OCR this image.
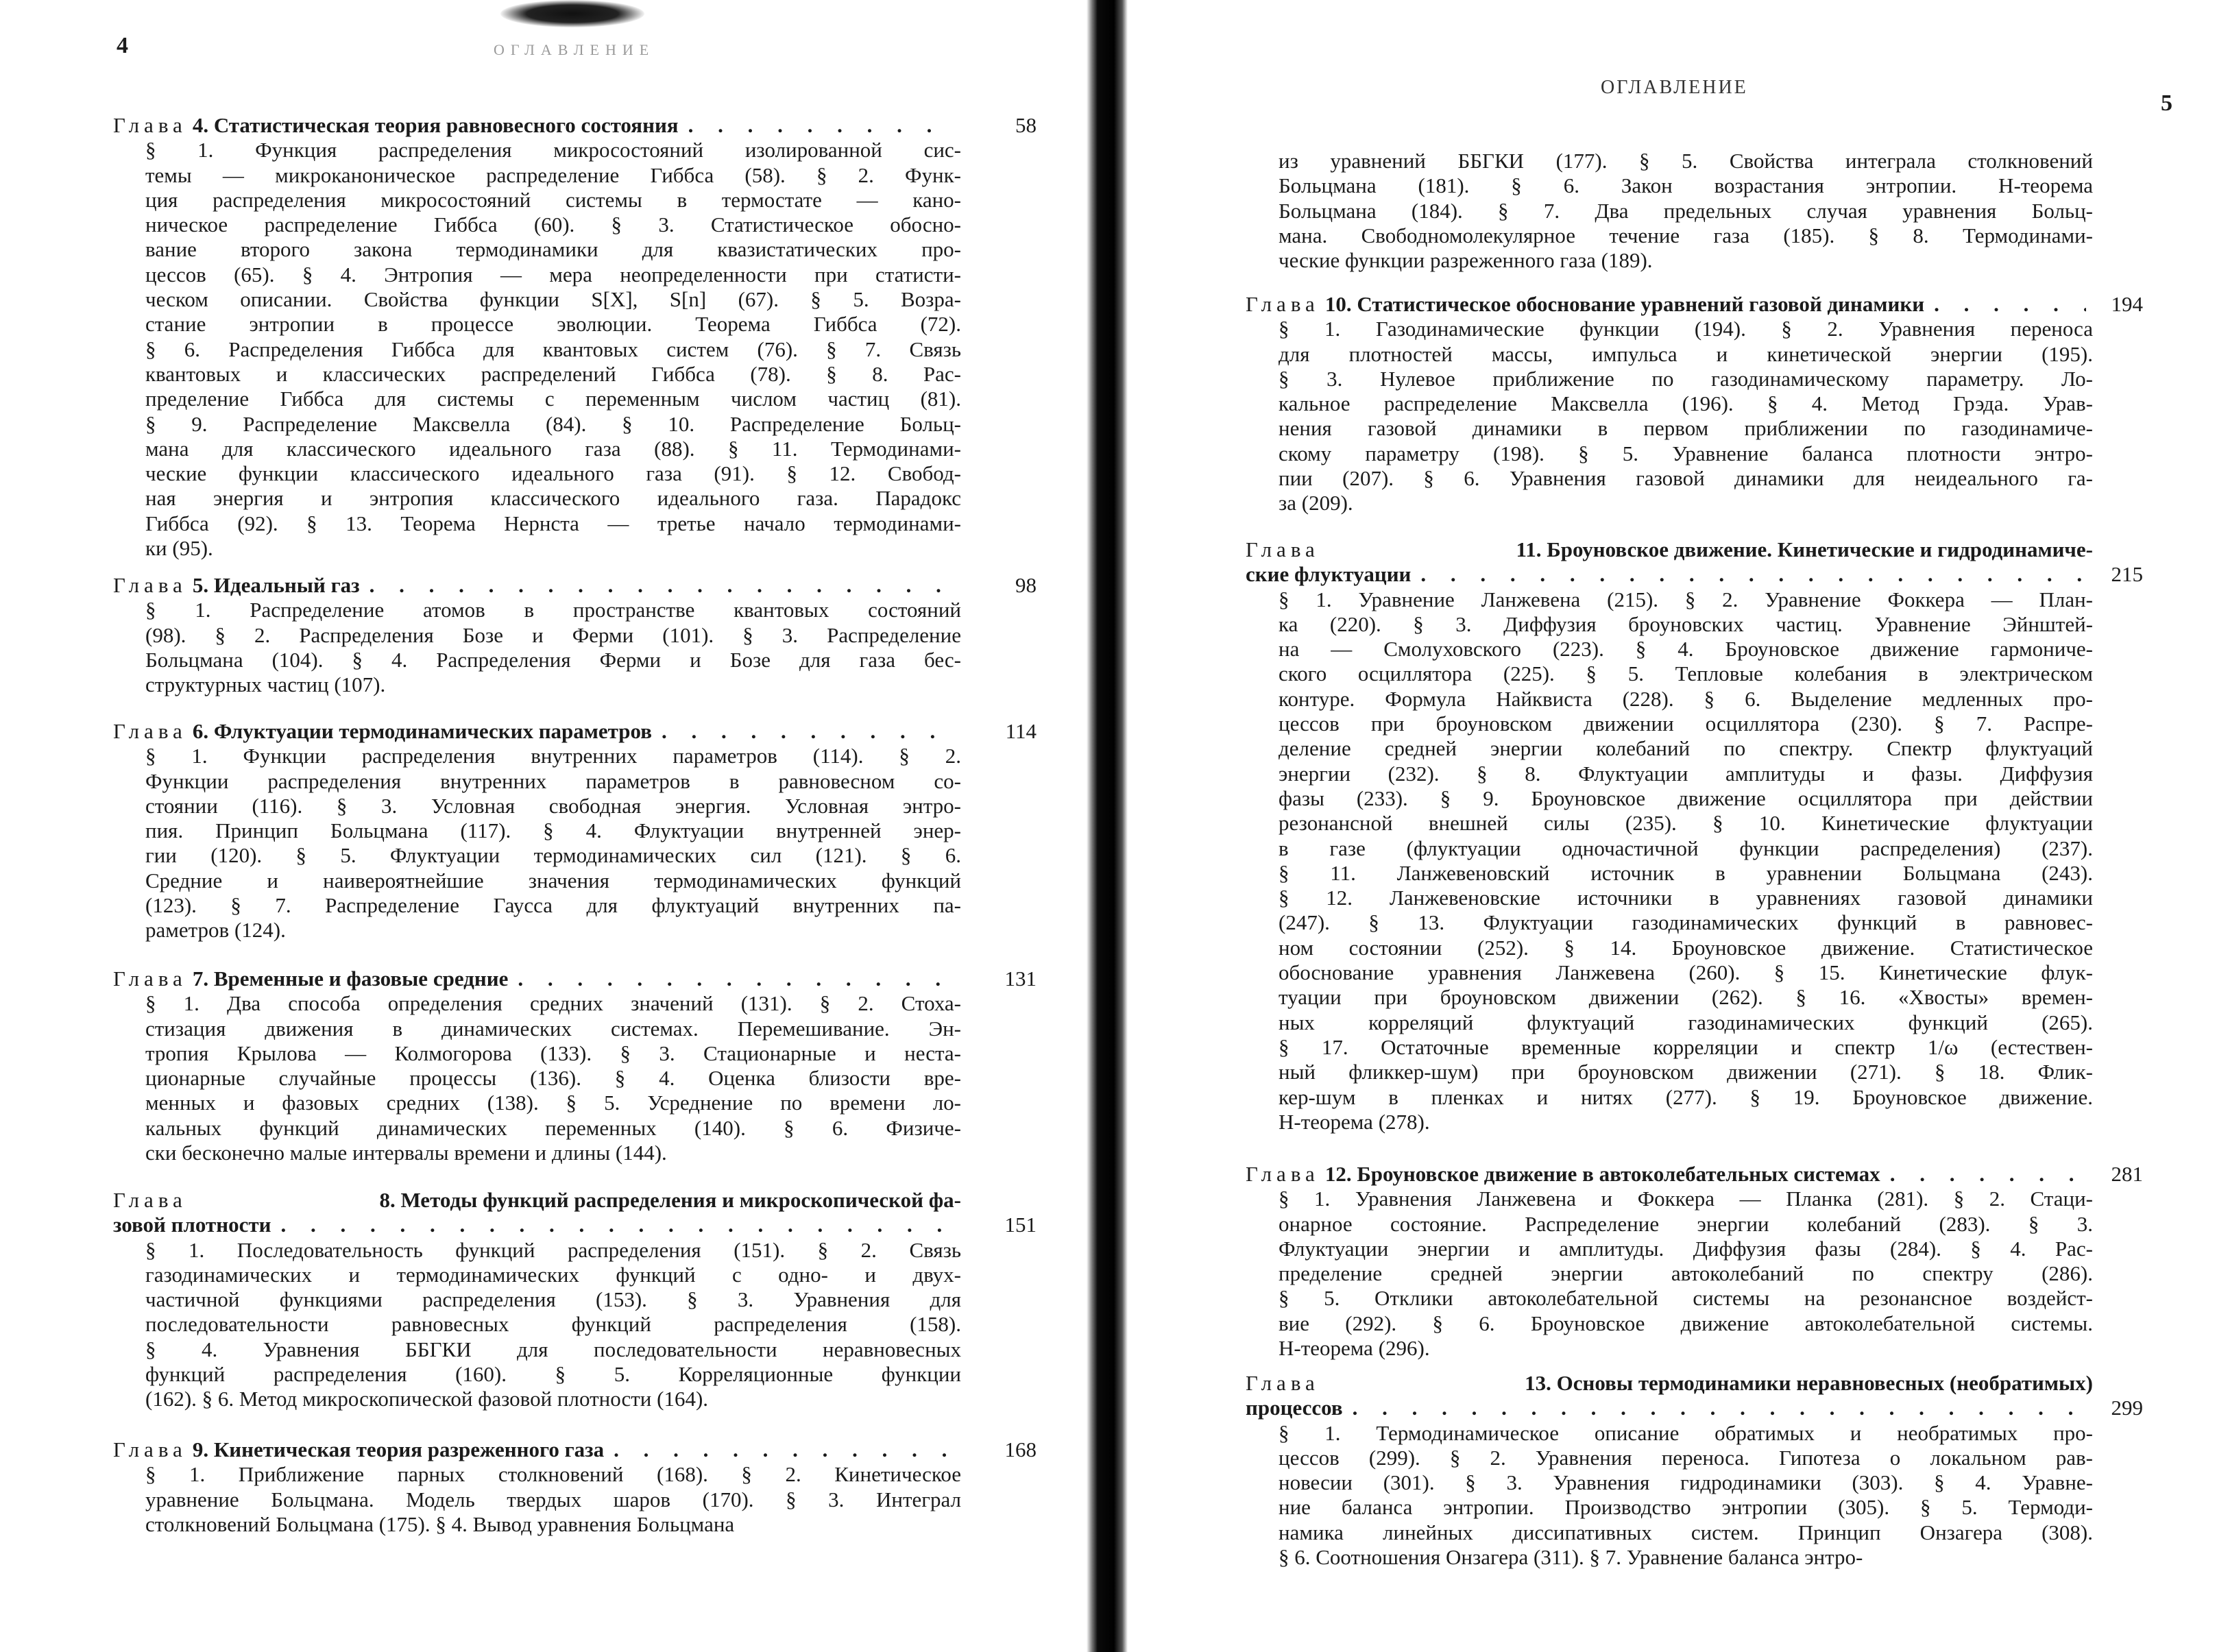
4	ОГЛАВЛЕНИЕ
Глава 4. Статистическая теория равновесного состояния . . .	58
§ 1. Функция распределения микросостояний изолированной сис-
темы — микроканоническое распределение Гиббса (58). § 2. Функ-
ция распределения микросостояний системы в термостате — кано-
ническое распределение Гиббса (60). § 3. Статистическое обосно-
вание второго закона термодинамики для квазистатических про-
цессов (65). § 4. Энтропия — мера неопределенности при статисти-
ческом описании. Свойства функции S[X], S[n] (67). § 5. Возра-
стание энтропии в процессе эволюции. Теорема Гиббса (72).
§ 6. Распределения Гиббса для квантовых систем (76). § 7. Связь
квантовых и классических распределений Гиббса (78). § 8. Рас-
пределение Гиббса для системы с переменным числом частиц (81).
§ 9. Распределение Максвелла (84). § 10. Распределение Больц-
мана для классического идеального газа (88). § 11. Термодинами-
ческие функции классического идеального газа (91). § 12. Свобод-
ная энергия и энтропия классического идеального газа. Парадокс
Гиббса (92). § 13. Теорема Нернста — третье начало термодинами-
ки (95).
Глава 5. Идеальный газ . . .	98
§ 1. Распределение атомов в пространстве квантовых состояний
(98). § 2. Распределения Бозе и Ферми (101). § 3. Распределение
Больцмана (104). § 4. Распределения Ферми и Бозе для газа бес-
структурных частиц (107).
Глава 6. Флуктуации термодинамических параметров . . .	114
§ 1. Функции распределения внутренних параметров (114). § 2.
Функции распределения внутренних параметров в равновесном со-
стоянии (116). § 3. Условная свободная энергия. Условная энтро-
пия. Принцип Больцмана (117). § 4. Флуктуации внутренней энер-
гии (120). § 5. Флуктуации термодинамических сил (121). § 6.
Средние и наивероятнейшие значения термодинамических функций
(123). § 7. Распределение Гаусса для флуктуаций внутренних па-
раметров (124).
Глава 7. Временные и фазовые средние . . .	131
§ 1. Два способа определения средних значений (131). § 2. Стоха-
стизация движения в динамических системах. Перемешивание. Эн-
тропия Крылова — Колмогорова (133). § 3. Стационарные и неста-
ционарные случайные процессы (136). § 4. Оценка близости вре-
менных и фазовых средних (138). § 5. Усреднение по времени ло-
кальных функций динамических переменных (140). § 6. Физиче-
ски бесконечно малые интервалы времени и длины (144).
Глава	8. Методы функций распределения и микроскопической фа-
зовой плотности . . .	151
§ 1. Последовательность функций распределения (151). § 2. Связь
газодинамических и термодинамических функций с одно- и двух-
частичной функциями распределения (153). § 3. Уравнения для
последовательности равновесных функций распределения (158).
§ 4. Уравнения ББГКИ для последовательности неравновесных
функций распределения (160). § 5. Корреляционные функции
(162). § 6. Метод микроскопической фазовой плотности (164).
Глава 9. Кинетическая теория разреженного газа . . .	168
§ 1. Приближение парных столкновений (168). § 2. Кинетическое
уравнение Больцмана. Модель твердых шаров (170). § 3. Интеграл
столкновений Больцмана (175). § 4. Вывод уравнения Больцмана
ОГЛАВЛЕНИЕ
5
из уравнений ББГКИ (177). § 5. Свойства интеграла столкновений
Больцмана (181). § 6. Закон возрастания энтропии. H-теорема
Больцмана (184). § 7. Два предельных случая уравнения Больц-
мана. Свободномолекулярное течение газа (185). § 8. Термодинами-
ческие функции разреженного газа (189).
Глава 10. Статистическое обоснование уравнений газовой динамики . . .	194
§ 1. Газодинамические функции (194). § 2. Уравнения переноса
для плотностей массы, импульса и кинетической энергии (195).
§ 3. Нулевое приближение по газодинамическому параметру. Ло-
кальное распределение Максвелла (196). § 4. Метод Грэда. Урав-
нения газовой динамики в первом приближении по газодинамиче-
скому параметру (198). § 5. Уравнение баланса плотности энтро-
пии (207). § 6. Уравнения газовой динамики для неидеального га-
за (209).
Глава	11. Броуновское движение. Кинетические и гидродинамиче-
ские флуктуации . . .	215
§ 1. Уравнение Ланжевена (215). § 2. Уравнение Фоккера — План-
ка (220). § 3. Диффузия броуновских частиц. Уравнение Эйнштей-
на — Смолуховского (223). § 4. Броуновское движение гармониче-
ского осциллятора (225). § 5. Тепловые колебания в электрическом
контуре. Формула Найквиста (228). § 6. Выделение медленных про-
цессов при броуновском движении осциллятора (230). § 7. Распре-
деление средней энергии колебаний по спектру. Спектр флуктуаций
энергии (232). § 8. Флуктуации амплитуды и фазы. Диффузия
фазы (233). § 9. Броуновское движение осциллятора при действии
резонансной внешней силы (235). § 10. Кинетические флуктуации
в газе (флуктуации одночастичной функции распределения) (237).
§ 11. Ланжевеновский источник в уравнении Больцмана (243).
§ 12. Ланжевеновские источники в уравнениях газовой динамики
(247). § 13. Флуктуации газодинамических функций в равновес-
ном состоянии (252). § 14. Броуновское движение. Статистическое
обоснование уравнения Ланжевена (260). § 15. Кинетические флук-
туации при броуновском движении (262). § 16. «Хвосты» времен-
ных корреляций флуктуаций газодинамических функций (265).
§ 17. Остаточные временные корреляции и спектр 1/ω (естествен-
ный фликкер-шум) при броуновском движении (271). § 18. Флик-
кер-шум в пленках и нитях (277). § 19. Броуновское движение.
H-теорема (278).
Глава 12. Броуновское движение в автоколебательных системах . . .	281
§ 1. Уравнения Ланжевена и Фоккера — Планка (281). § 2. Стаци-
онарное состояние. Распределение энергии колебаний (283). § 3.
Флуктуации энергии и амплитуды. Диффузия фазы (284). § 4. Рас-
пределение средней энергии автоколебаний по спектру (286).
§ 5. Отклики автоколебательной системы на резонансное воздейст-
вие (292). § 6. Броуновское движение автоколебательной системы.
H-теорема (296).
Глава	13. Основы термодинамики неравновесных (необратимых)
процессов . . .	299
§ 1. Термодинамическое описание обратимых и необратимых про-
цессов (299). § 2. Уравнения переноса. Гипотеза о локальном рав-
новесии (301). § 3. Уравнения гидродинамики (303). § 4. Уравне-
ние баланса энтропии. Производство энтропии (305). § 5. Термоди-
намика линейных диссипативных систем. Принцип Онзагера (308).
§ 6. Соотношения Онзагера (311). § 7. Уравнение баланса энтро-
